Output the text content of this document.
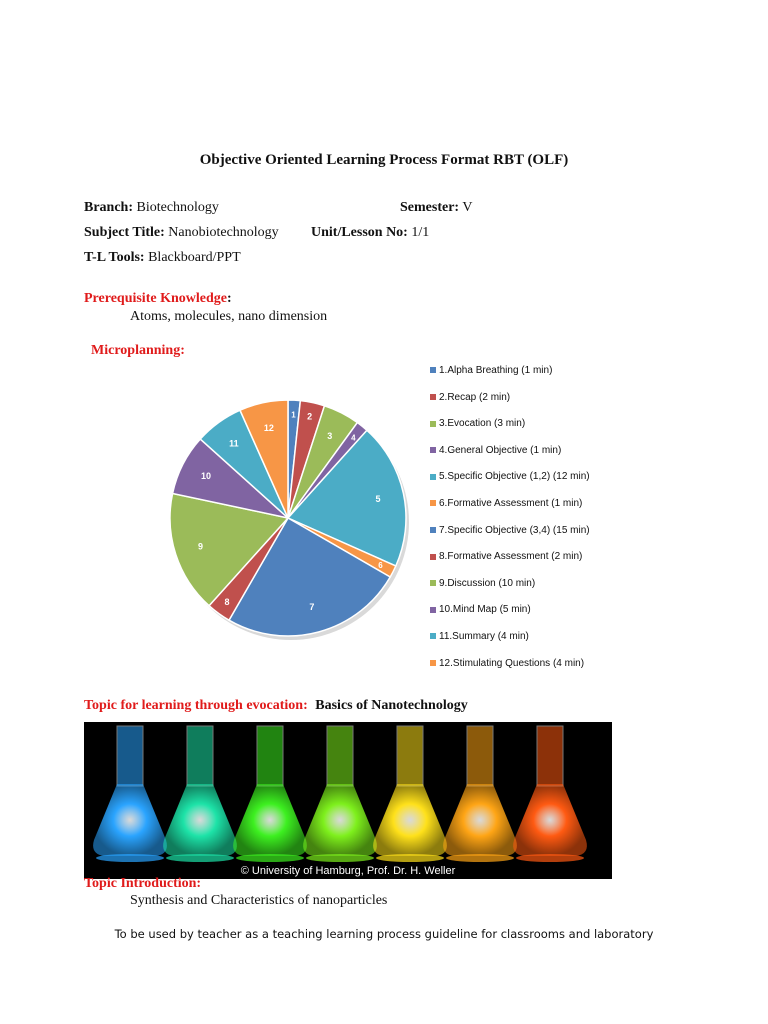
Objective Oriented Learning Process Format RBT (OLF)
Branch: Biotechnology	Semester: V
Subject Title: Nanobiotechnology Unit/Lesson No: 1/1
T-L Tools: Blackboard/PPT
Prerequisite Knowledge:
Atoms, molecules, nano dimension
Microplanning:
1 2
3 4
5
6
7
8
9
10
11
12
1.Alpha Breathing (1 min)
2.Recap (2 min)
3.Evocation (3 min)
4.General Objective (1 min)
5.Specific Objective (1,2) (12 min)
6.Formative Assessment (1 min)
7.Specific Objective (3,4) (15 min)
8.Formative Assessment (2 min)
9.Discussion (10 min)
10.Mind Map (5 min)
11.Summary (4 min)
12.Stimulating Questions (4 min)
Topic for learning through evocation: Basics of Nanotechnology
© University of Hamburg, Prof. Dr. H. Weller
Topic Introduction:
Synthesis and Characteristics of nanoparticles
To be used by teacher as a teaching learning process guideline for classrooms and laboratory
